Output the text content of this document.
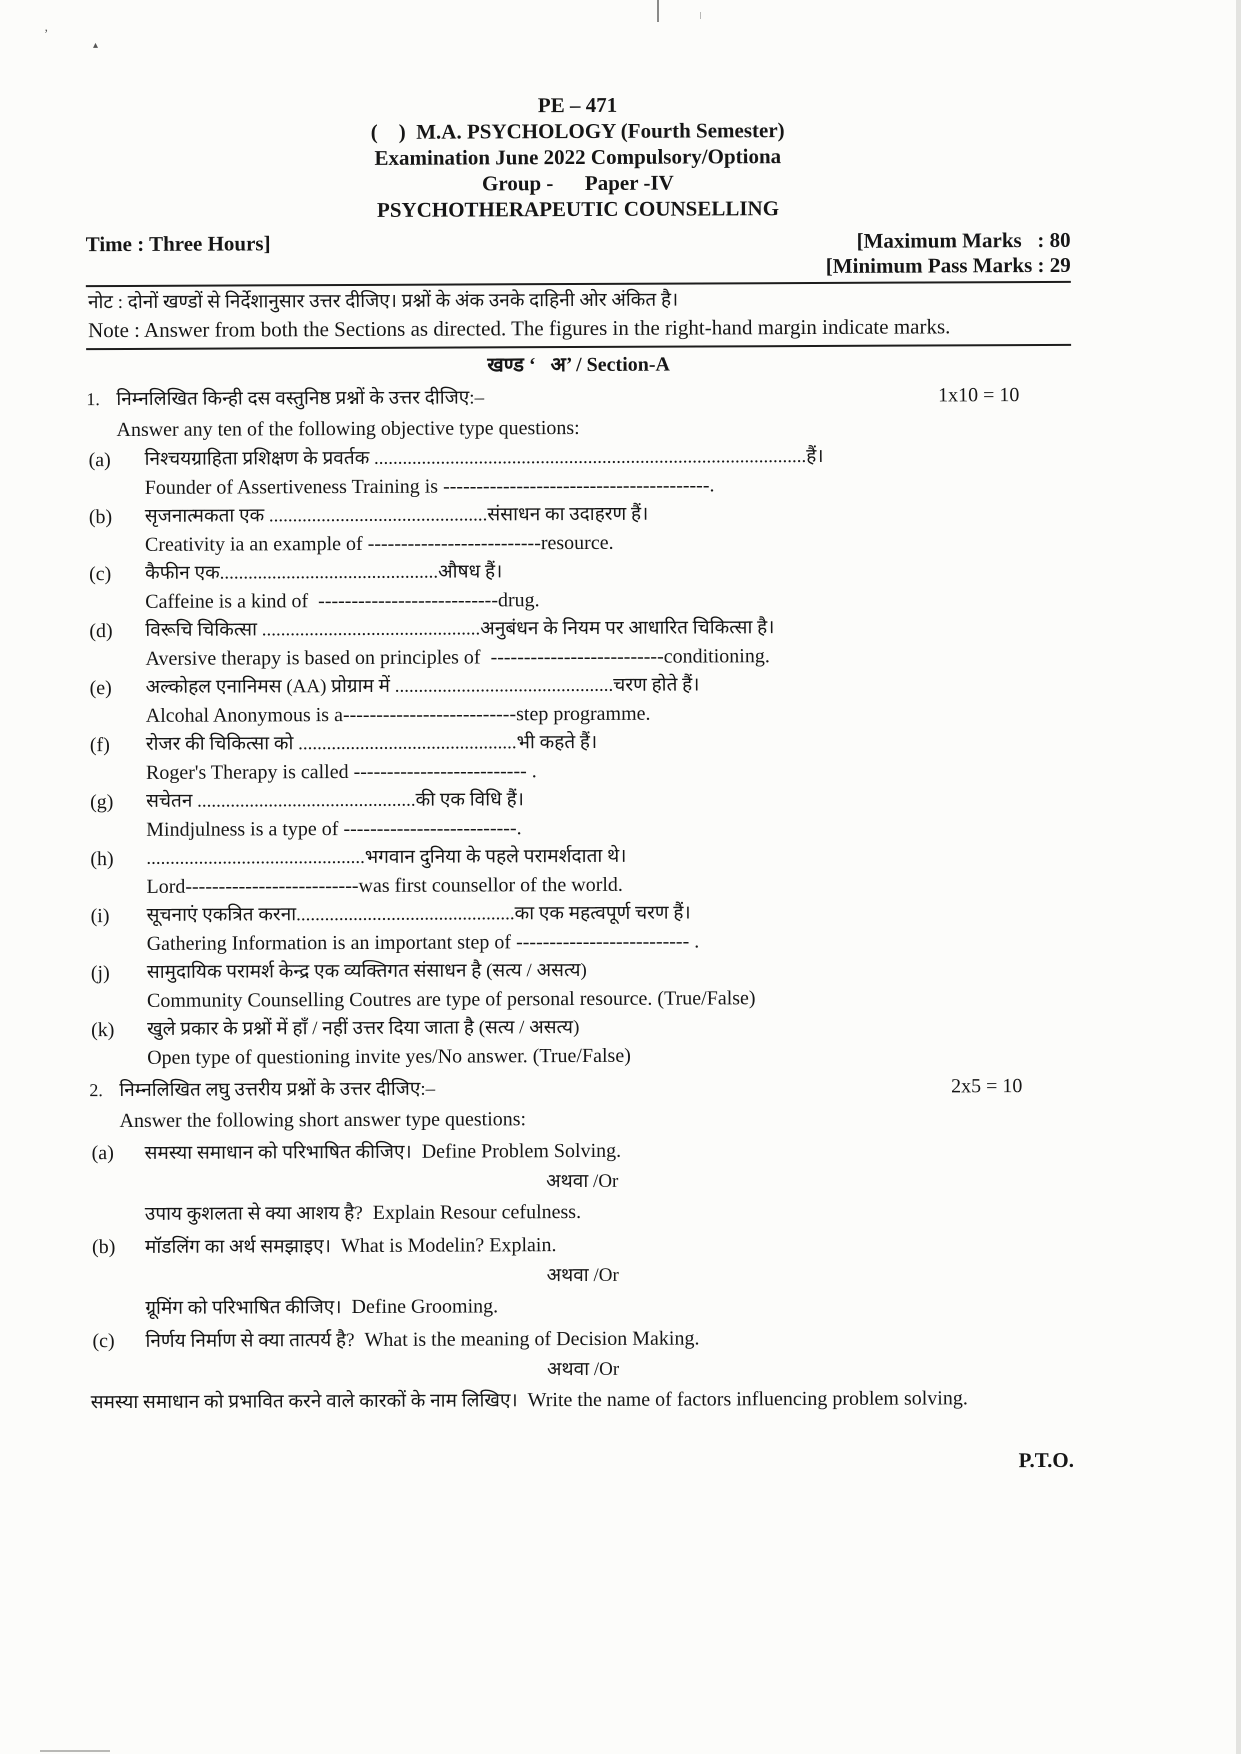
’
▴
PE – 471
(    )  M.A. PSYCHOLOGY (Fourth Semester)
Examination June 2022 Compulsory/Optiona
Group -      Paper -IV
PSYCHOTHERAPEUTIC COUNSELLING
Time : Three Hours]	[Maximum Marks   : 80
[Minimum Pass Marks : 29
नोट : दोनों खण्डों से निर्देशानुसार उत्तर दीजिए। प्रश्नों के अंक उनके दाहिनी ओर अंकित है।
Note : Answer from both the Sections as directed. The figures in the right-hand margin indicate marks.
खण्ड ‘   अ’ / Section-A
1. निम्नलिखित किन्ही दस वस्तुनिष्ठ प्रश्नों के उत्तर दीजिए:–	1x10 = 10
Answer any ten of the following objective type questions:
(a)	निश्चयग्राहिता प्रशिक्षण के प्रवर्तक ...........................................................................................हैं।
Founder of Assertiveness Training is ----------------------------------------.
(b)	सृजनात्मकता एक ..............................................संसाधन का उदाहरण हैं।
Creativity ia an example of --------------------------resource.
(c)	कैफीन एक..............................................औषध हैं।
Caffeine is a kind of  ---------------------------drug.
(d)	विरूचि चिकित्सा ..............................................अनुबंधन के नियम पर आधारित चिकित्सा है।
Aversive therapy is based on principles of  --------------------------conditioning.
(e)	अल्कोहल एनानिमस (AA) प्रोग्राम में ..............................................चरण होते हैं।
Alcohal Anonymous is a--------------------------step programme.
(f)	रोजर की चिकित्सा को ..............................................भी कहते हैं।
Roger's Therapy is called -------------------------- .
(g)	सचेतन ..............................................की एक विधि हैं।
Mindjulness is a type of --------------------------.
(h)	..............................................भगवान दुनिया के पहले परामर्शदाता थे।
Lord--------------------------was first counsellor of the world.
(i)	सूचनाएं एकत्रित करना..............................................का एक महत्वपूर्ण चरण हैं।
Gathering Information is an important step of -------------------------- .
(j)	सामुदायिक परामर्श केन्द्र एक व्यक्तिगत संसाधन है (सत्य / असत्य)
Community Counselling Coutres are type of personal resource. (True/False)
(k)	खुले प्रकार के प्रश्नों में हाँ / नहीं उत्तर दिया जाता है (सत्य / असत्य)
Open type of questioning invite yes/No answer. (True/False)
2. निम्नलिखित लघु उत्तरीय प्रश्नों के उत्तर दीजिए:–	2x5 = 10
Answer the following short answer type questions:
(a)	समस्या समाधान को परिभाषित कीजिए। Define Problem Solving.
अथवा /Or
उपाय कुशलता से क्या आशय है? Explain Resour cefulness.
(b)	मॉडलिंग का अर्थ समझाइए। What is Modelin? Explain.
अथवा /Or
ग्रूमिंग को परिभाषित कीजिए। Define Grooming.
(c)	निर्णय निर्माण से क्या तात्पर्य है? What is the meaning of Decision Making.
अथवा /Or
समस्या समाधान को प्रभावित करने वाले कारकों के नाम लिखिए। Write the name of factors influencing problem solving.
P.T.O.
